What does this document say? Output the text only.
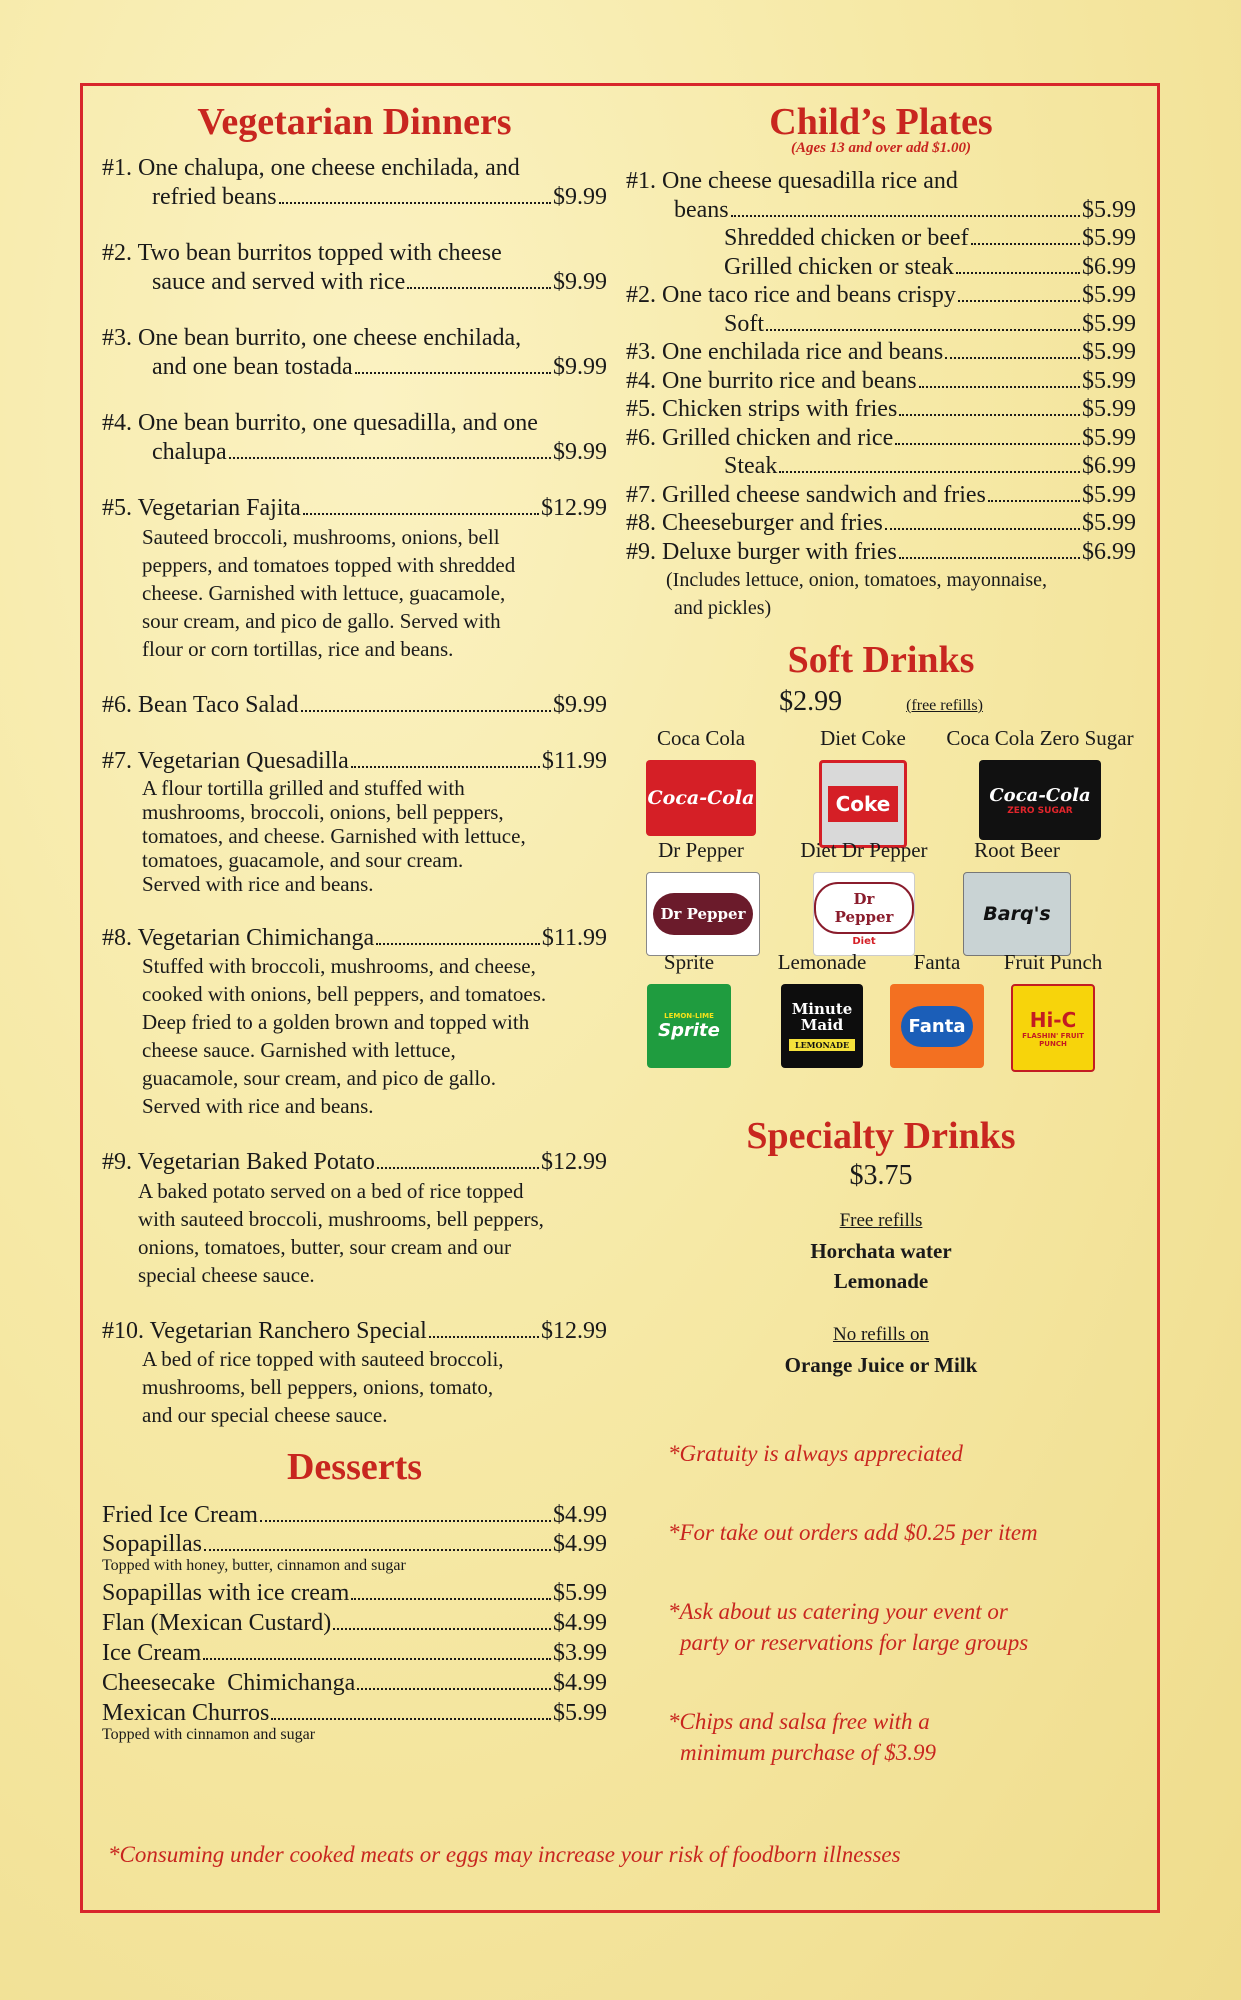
Vegetarian Dinners
#1. One chalupa, one cheese enchilada, and
refried beans	$9.99
#2. Two bean burritos topped with cheese
sauce and served with rice	$9.99
#3. One bean burrito, one cheese enchilada,
and one bean tostada	$9.99
#4. One bean burrito, one quesadilla, and one
chalupa	$9.99
#5. Vegetarian Fajita	$12.99
Sauteed broccoli, mushrooms, onions, bell
peppers, and tomatoes topped with shredded
cheese. Garnished with lettuce, guacamole,
sour cream, and pico de gallo. Served with
flour or corn tortillas, rice and beans.
#6. Bean Taco Salad	$9.99
#7. Vegetarian Quesadilla	$11.99
A flour tortilla grilled and stuffed with
mushrooms, broccoli, onions, bell peppers,
tomatoes, and cheese. Garnished with lettuce,
tomatoes, guacamole, and sour cream.
Served with rice and beans.
#8. Vegetarian Chimichanga	$11.99
Stuffed with broccoli, mushrooms, and cheese,
cooked with onions, bell peppers, and tomatoes.
Deep fried to a golden brown and topped with
cheese sauce. Garnished with lettuce,
guacamole, sour cream, and pico de gallo.
Served with rice and beans.
#9. Vegetarian Baked Potato	$12.99
A baked potato served on a bed of rice topped
with sauteed broccoli, mushrooms, bell peppers,
onions, tomatoes, butter, sour cream and our
special cheese sauce.
#10. Vegetarian Ranchero Special	$12.99
A bed of rice topped with sauteed broccoli,
mushrooms, bell peppers, onions, tomato,
and our special cheese sauce.
Desserts
Fried Ice Cream	$4.99
Sopapillas	$4.99
Topped with honey, butter, cinnamon and sugar
Sopapillas with ice cream	$5.99
Flan (Mexican Custard)	$4.99
Ice Cream	$3.99
Cheesecake  Chimichanga	$4.99
Mexican Churros	$5.99
Topped with cinnamon and sugar
Child’s Plates
(Ages 13 and over add $1.00)
#1. One cheese quesadilla rice and
beans	$5.99
Shredded chicken or beef	$5.99
Grilled chicken or steak	$6.99
#2. One taco rice and beans crispy	$5.99
Soft	$5.99
#3. One enchilada rice and beans	$5.99
#4. One burrito rice and beans	$5.99
#5. Chicken strips with fries	$5.99
#6. Grilled chicken and rice	$5.99
Steak	$6.99
#7. Grilled cheese sandwich and fries	$5.99
#8. Cheeseburger and fries	$5.99
#9. Deluxe burger with fries	$6.99
(Includes lettuce, onion, tomatoes, mayonnaise,
and pickles)
Soft Drinks
$2.99	(free refills)
Coca Cola
Coca-Cola
Diet Coke
Coke
Coca Cola Zero Sugar
Coca-Cola
ZERO SUGAR
Dr Pepper
Dr Pepper
Diet Dr Pepper
Dr Pepper
Diet
Root Beer
Barq's
Sprite
LEMON-LIME
Sprite
Lemonade
Minute Maid
LEMONADE
Fanta
Fanta
Fruit Punch
Hi-C
FLASHIN' FRUIT PUNCH
Specialty Drinks
$3.75
Free refills
Horchata water
Lemonade
No refills on
Orange Juice or Milk
*Gratuity is always appreciated
*For take out orders add $0.25 per item
*Ask about us catering your event or
party or reservations for large groups
*Chips and salsa free with a
minimum purchase of $3.99
*Consuming under cooked meats or eggs may increase your risk of foodborn illnesses
